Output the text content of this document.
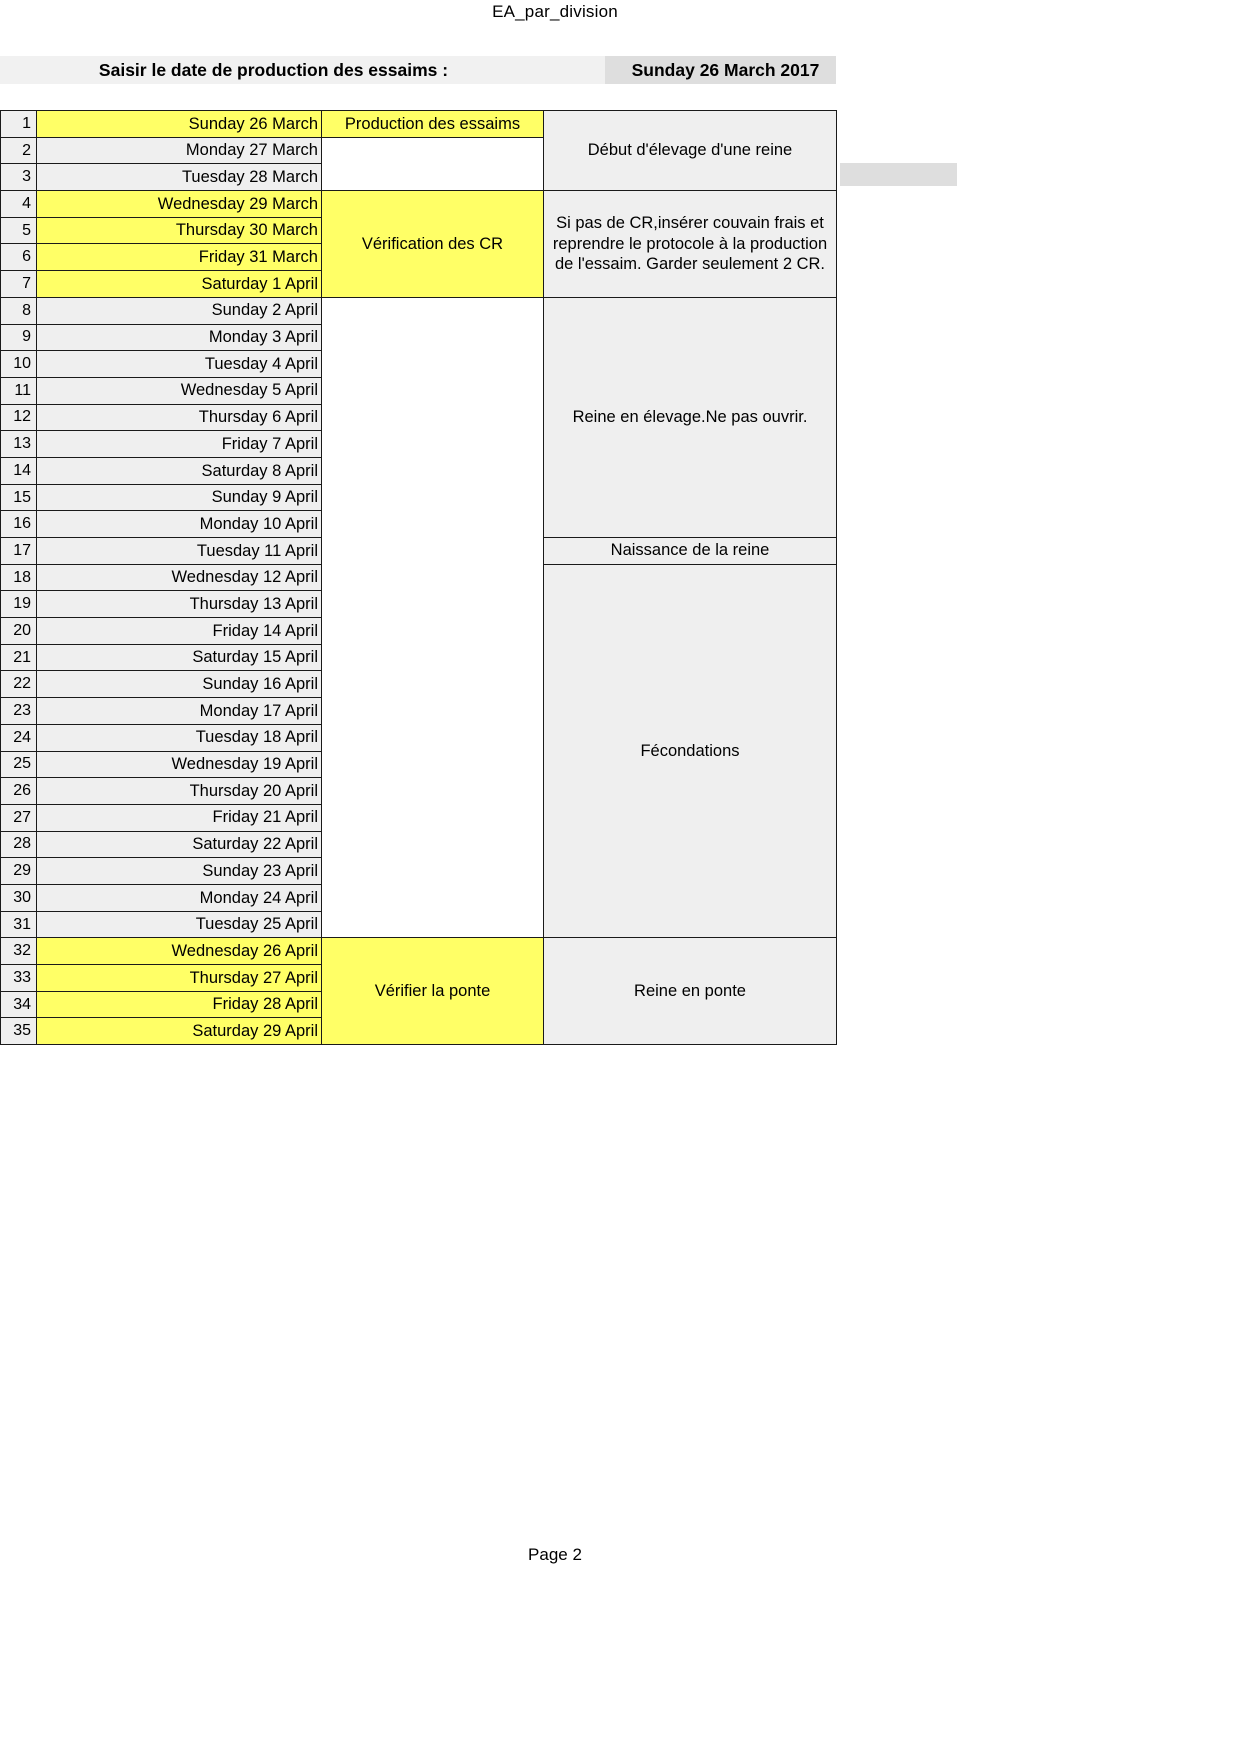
EA_par_division
Saisir le date de production des essaims :	Sunday 26 March 2017
1	Sunday 26 March	Production des essaims	Début d'élevage d'une reine
2	Monday 27 March		
3	Tuesday 28 March		
4	Wednesday 29 March	Vérification des CR	Si pas de CR,insérer couvain frais et reprendre le protocole à la production de l'essaim. Garder seulement 2 CR.
5	Thursday 30 March		
6	Friday 31 March		
7	Saturday 1 April		
8	Sunday 2 April		Reine en élevage.Ne pas ouvrir.
9	Monday 3 April		
10	Tuesday 4 April		
11	Wednesday 5 April		
12	Thursday 6 April		
13	Friday 7 April		
14	Saturday 8 April		
15	Sunday 9 April		
16	Monday 10 April		
17	Tuesday 11 April		Naissance de la reine
18	Wednesday 12 April		Fécondations
19	Thursday 13 April		
20	Friday 14 April		
21	Saturday 15 April		
22	Sunday 16 April		
23	Monday 17 April		
24	Tuesday 18 April		
25	Wednesday 19 April		
26	Thursday 20 April		
27	Friday 21 April		
28	Saturday 22 April		
29	Sunday 23 April		
30	Monday 24 April		
31	Tuesday 25 April		
32	Wednesday 26 April	Vérifier la ponte	Reine en ponte
33	Thursday 27 April		
34	Friday 28 April		
35	Saturday 29 April		
Page 2
